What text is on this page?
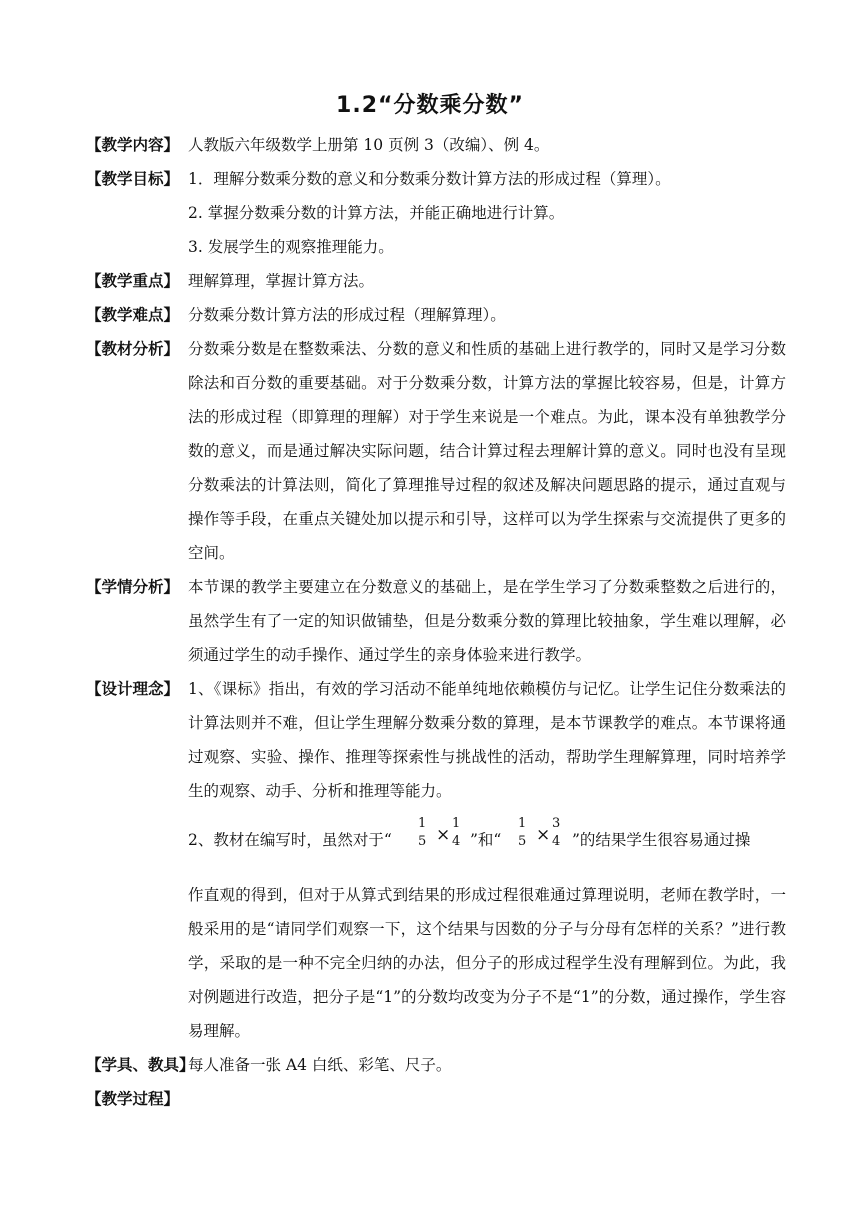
1.2“分数乘分数”
【教学内容】 人教版六年级数学上册第 10 页例 3（改编）、例 4。
【教学目标】 1．理解分数乘分数的意义和分数乘分数计算方法的形成过程（算理）。
2. 掌握分数乘分数的计算方法，并能正确地进行计算。
3. 发展学生的观察推理能力。
【教学重点】 理解算理，掌握计算方法。
【教学难点】 分数乘分数计算方法的形成过程（理解算理）。
【教材分析】 分数乘分数是在整数乘法、分数的意义和性质的基础上进行教学的，同时又是学习分数除法和百分数的重要基础。对于分数乘分数，计算方法的掌握比较容易，但是，计算方法的形成过程（即算理的理解）对于学生来说是一个难点。为此，课本没有单独教学分数的意义，而是通过解决实际问题，结合计算过程去理解计算的意义。同时也没有呈现分数乘法的计算法则，简化了算理推导过程的叙述及解决问题思路的提示，通过直观与操作等手段，在重点关键处加以提示和引导，这样可以为学生探索与交流提供了更多的空间。
【学情分析】 本节课的教学主要建立在分数意义的基础上，是在学生学习了分数乘整数之后进行的，虽然学生有了一定的知识做铺垫，但是分数乘分数的算理比较抽象，学生难以理解，必须通过学生的动手操作、通过学生的亲身体验来进行教学。
【设计理念】 1、《课标》指出，有效的学习活动不能单纯地依赖模仿与记忆。让学生记住分数乘法的计算法则并不难，但让学生理解分数乘分数的算理，是本节课教学的难点。本节课将通过观察、实验、操作、推理等探索性与挑战性的活动，帮助学生理解算理，同时培养学生的观察、动手、分析和推理等能力。
2、教材在编写时，虽然对于“
1
5 ×
1
4 ”和“
1
5 ×
3
4 ”的结果学生很容易通过操
作直观的得到，但对于从算式到结果的形成过程很难通过算理说明，老师在教学时，一般采用的是“请同学们观察一下，这个结果与因数的分子与分母有怎样的关系？”进行教学，采取的是一种不完全归纳的办法，但分子的形成过程学生没有理解到位。为此，我对例题进行改造，把分子是“1”的分数均改变为分子不是“1”的分数，通过操作，学生容易理解。
【学具、教具】
每人准备一张 A4 白纸、彩笔、尺子。
【教学过程】
